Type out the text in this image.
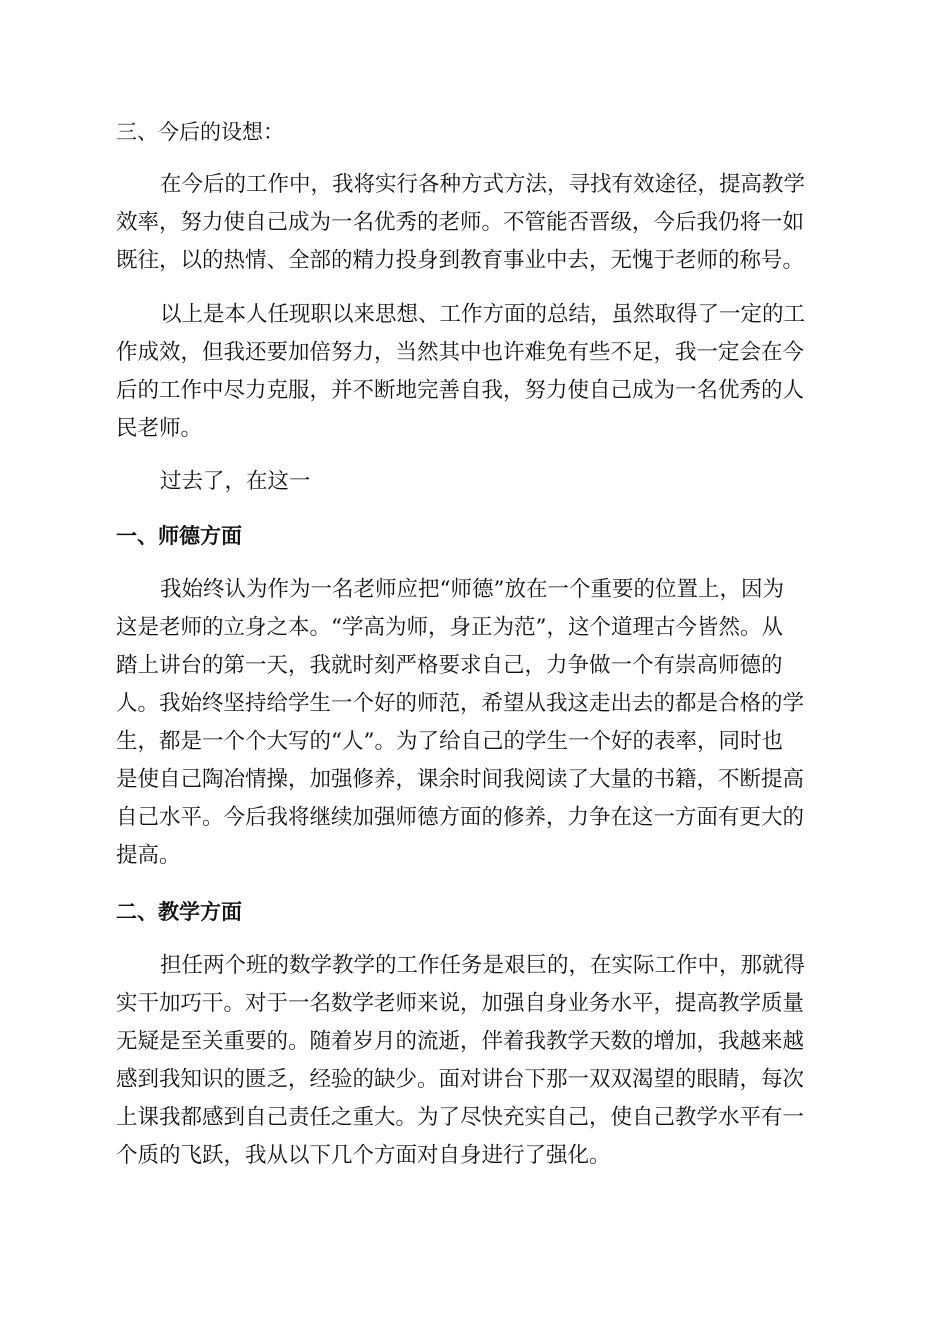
三、今后的设想：
在今后的工作中，我将实行各种方式方法，寻找有效途径，提高教学
效率，努力使自己成为一名优秀的老师。不管能否晋级，今后我仍将一如
既往，以的热情、全部的精力投身到教育事业中去，无愧于老师的称号。
以上是本人任现职以来思想、工作方面的总结，虽然取得了一定的工
作成效，但我还要加倍努力，当然其中也许难免有些不足，我一定会在今
后的工作中尽力克服，并不断地完善自我，努力使自己成为一名优秀的人
民老师。
过去了，在这一
一、师德方面
我始终认为作为一名老师应把“师德”放在一个重要的位置上，因为
这是老师的立身之本。“学高为师，身正为范”，这个道理古今皆然。从
踏上讲台的第一天，我就时刻严格要求自己，力争做一个有崇高师德的
人。我始终坚持给学生一个好的师范，希望从我这走出去的都是合格的学
生，都是一个个大写的“人”。为了给自己的学生一个好的表率，同时也
是使自己陶冶情操，加强修养，课余时间我阅读了大量的书籍，不断提高
自己水平。今后我将继续加强师德方面的修养，力争在这一方面有更大的
提高。
二、教学方面
担任两个班的数学教学的工作任务是艰巨的，在实际工作中，那就得
实干加巧干。对于一名数学老师来说，加强自身业务水平，提高教学质量
无疑是至关重要的。随着岁月的流逝，伴着我教学天数的增加，我越来越
感到我知识的匮乏，经验的缺少。面对讲台下那一双双渴望的眼睛，每次
上课我都感到自己责任之重大。为了尽快充实自己，使自己教学水平有一
个质的飞跃，我从以下几个方面对自身进行了强化。
